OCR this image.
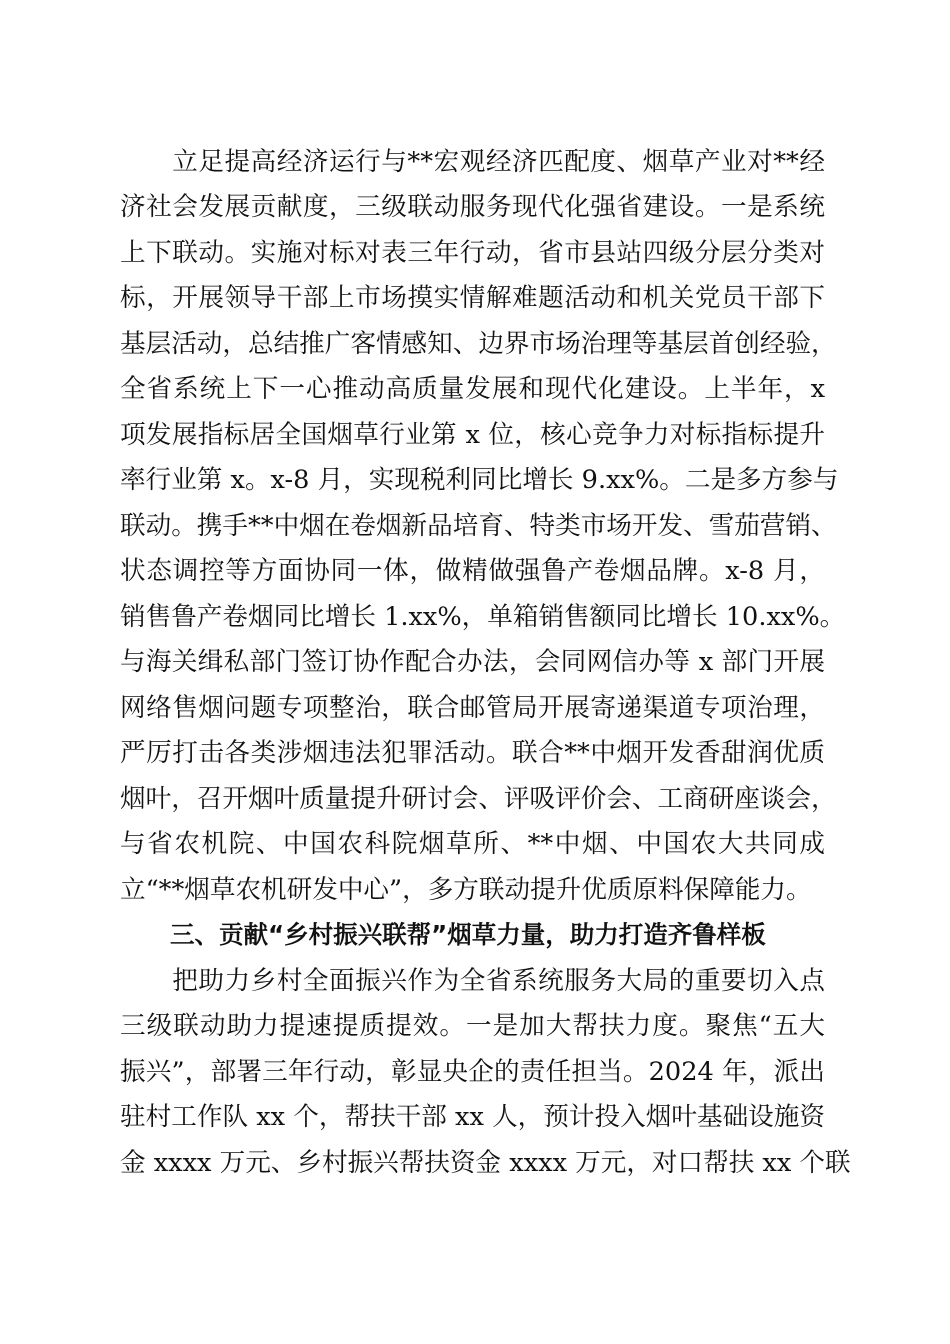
　　立足提高经济运行与**宏观经济匹配度、烟草产业对**经
济社会发展贡献度，三级联动服务现代化强省建设。一是系统
上下联动。实施对标对表三年行动，省市县站四级分层分类对
标，开展领导干部上市场摸实情解难题活动和机关党员干部下
基层活动，总结推广客情感知、边界市场治理等基层首创经验，
全省系统上下一心推动高质量发展和现代化建设。上半年，x
项发展指标居全国烟草行业第 x 位，核心竞争力对标指标提升
率行业第 x。x-8 月，实现税利同比增长 9.xx%。二是多方参与
联动。携手**中烟在卷烟新品培育、特类市场开发、雪茄营销、
状态调控等方面协同一体，做精做强鲁产卷烟品牌。x-8 月，
销售鲁产卷烟同比增长 1.xx%，单箱销售额同比增长 10.xx%。
与海关缉私部门签订协作配合办法，会同网信办等 x 部门开展
网络售烟问题专项整治，联合邮管局开展寄递渠道专项治理，
严厉打击各类涉烟违法犯罪活动。联合**中烟开发香甜润优质
烟叶，召开烟叶质量提升研讨会、评吸评价会、工商研座谈会，
与省农机院、中国农科院烟草所、**中烟、中国农大共同成
立“**烟草农机研发中心”，多方联动提升优质原料保障能力。
三、贡献“乡村振兴联帮”烟草力量，助力打造齐鲁样板
　　把助力乡村全面振兴作为全省系统服务大局的重要切入点
三级联动助力提速提质提效。一是加大帮扶力度。聚焦“五大
振兴”，部署三年行动，彰显央企的责任担当。2024 年，派出
驻村工作队 xx 个，帮扶干部 xx 人，预计投入烟叶基础设施资
金 xxxx 万元、乡村振兴帮扶资金 xxxx 万元，对口帮扶 xx 个联
